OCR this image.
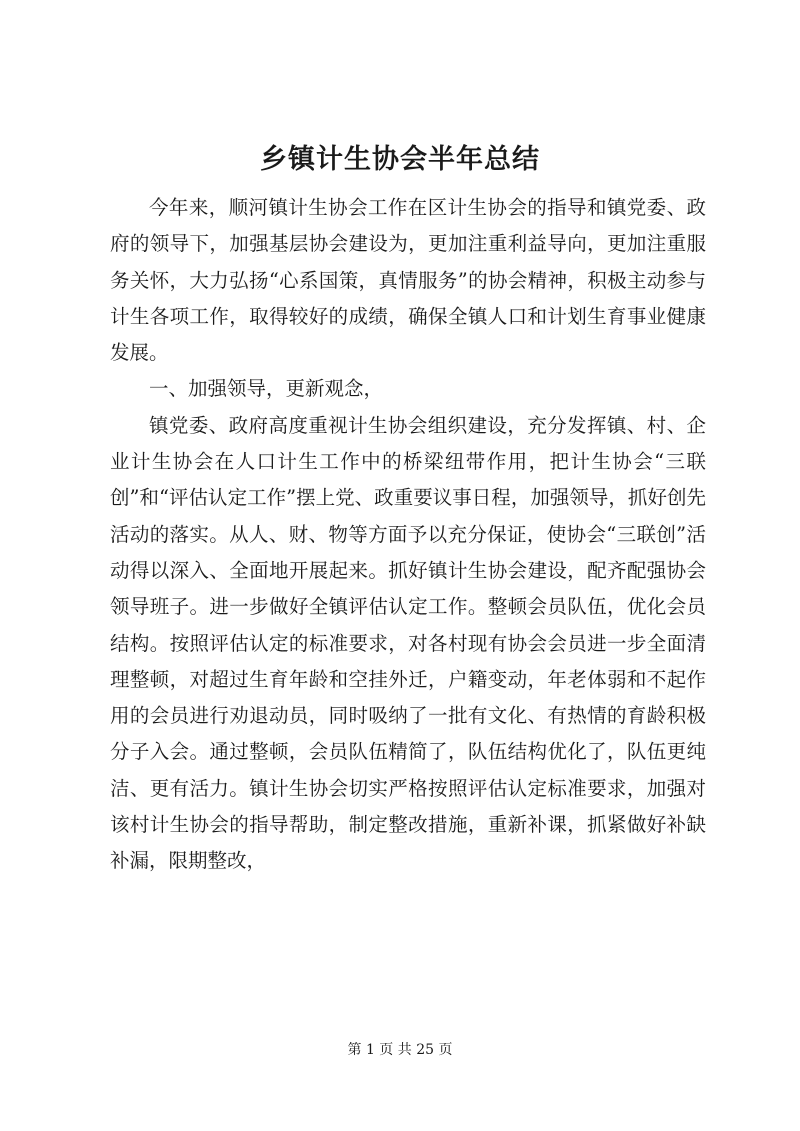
乡镇计生协会半年总结

今年来，顺河镇计生协会工作在区计生协会的指导和镇党委、政府的领导下，加强基层协会建设为，更加注重利益导向，更加注重服务关怀，大力弘扬“心系国策，真情服务”的协会精神，积极主动参与计生各项工作，取得较好的成绩，确保全镇人口和计划生育事业健康发展。

一、加强领导，更新观念，

镇党委、政府高度重视计生协会组织建设，充分发挥镇、村、企业计生协会在人口计生工作中的桥梁纽带作用，把计生协会“三联创”和“评估认定工作”摆上党、政重要议事日程，加强领导，抓好创先活动的落实。从人、财、物等方面予以充分保证，使协会“三联创”活动得以深入、全面地开展起来。抓好镇计生协会建设，配齐配强协会领导班子。进一步做好全镇评估认定工作。整顿会员队伍，优化会员结构。按照评估认定的标准要求，对各村现有协会会员进一步全面清理整顿，对超过生育年龄和空挂外迁，户籍变动，年老体弱和不起作用的会员进行劝退动员，同时吸纳了一批有文化、有热情的育龄积极分子入会。通过整顿，会员队伍精简了，队伍结构优化了，队伍更纯洁、更有活力。镇计生协会切实严格按照评估认定标准要求，加强对该村计生协会的指导帮助，制定整改措施，重新补课，抓紧做好补缺补漏，限期整改，

第 1 页 共 25 页
